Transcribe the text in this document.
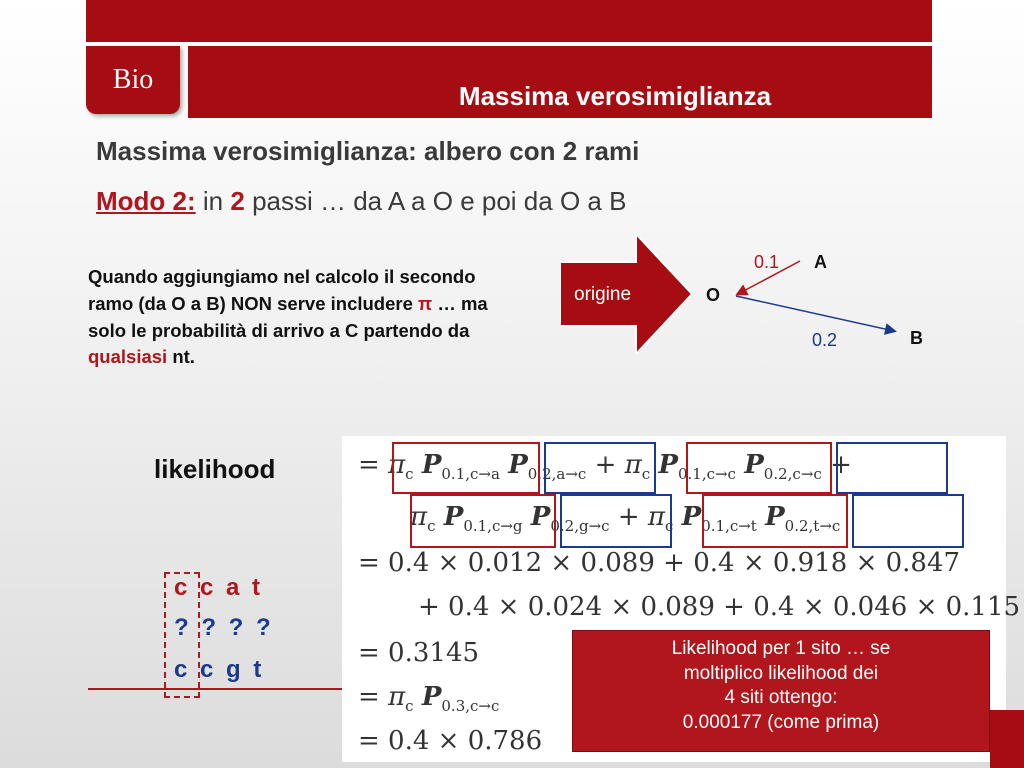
Bio
Massima verosimiglianza
Massima verosimiglianza: albero con 2 rami
Modo 2: in 2 passi … da A a O e poi da O a B
Quando aggiungiamo nel calcolo il secondo ramo (da O a B) NON serve includere π … ma solo le probabilità di arrivo a C partendo da qualsiasi nt.
origine
0.1 A
O
0.2	B
likelihood
c c a t
? ? ? ?
c c g t
= $\pi_c$ $P_{0.1,c\to a}$ $P_{0.2,a\to c} + \pi_c$ $P_{0.1,c\to c}$ $P_{0.2,c\to c}$ +
$\pi_c$ $P_{0.1,c\to g}$ $P_{0.2,g\to c} + \pi_c$ $P_{0.1,c\to t}$ $P_{0.2,t\to c}$
= 0.4 × 0.012 × 0.089 + 0.4 × 0.918 × 0.847
+ 0.4 × 0.024 × 0.089 + 0.4 × 0.046 × 0.115
= 0.3145
= $\pi_c$ $P_{0.3,c\to c}$
= 0.4 × 0.786
Likelihood per 1 sito … se
moltiplico likelihood dei
4 siti ottengo:
0.000177 (come prima)
